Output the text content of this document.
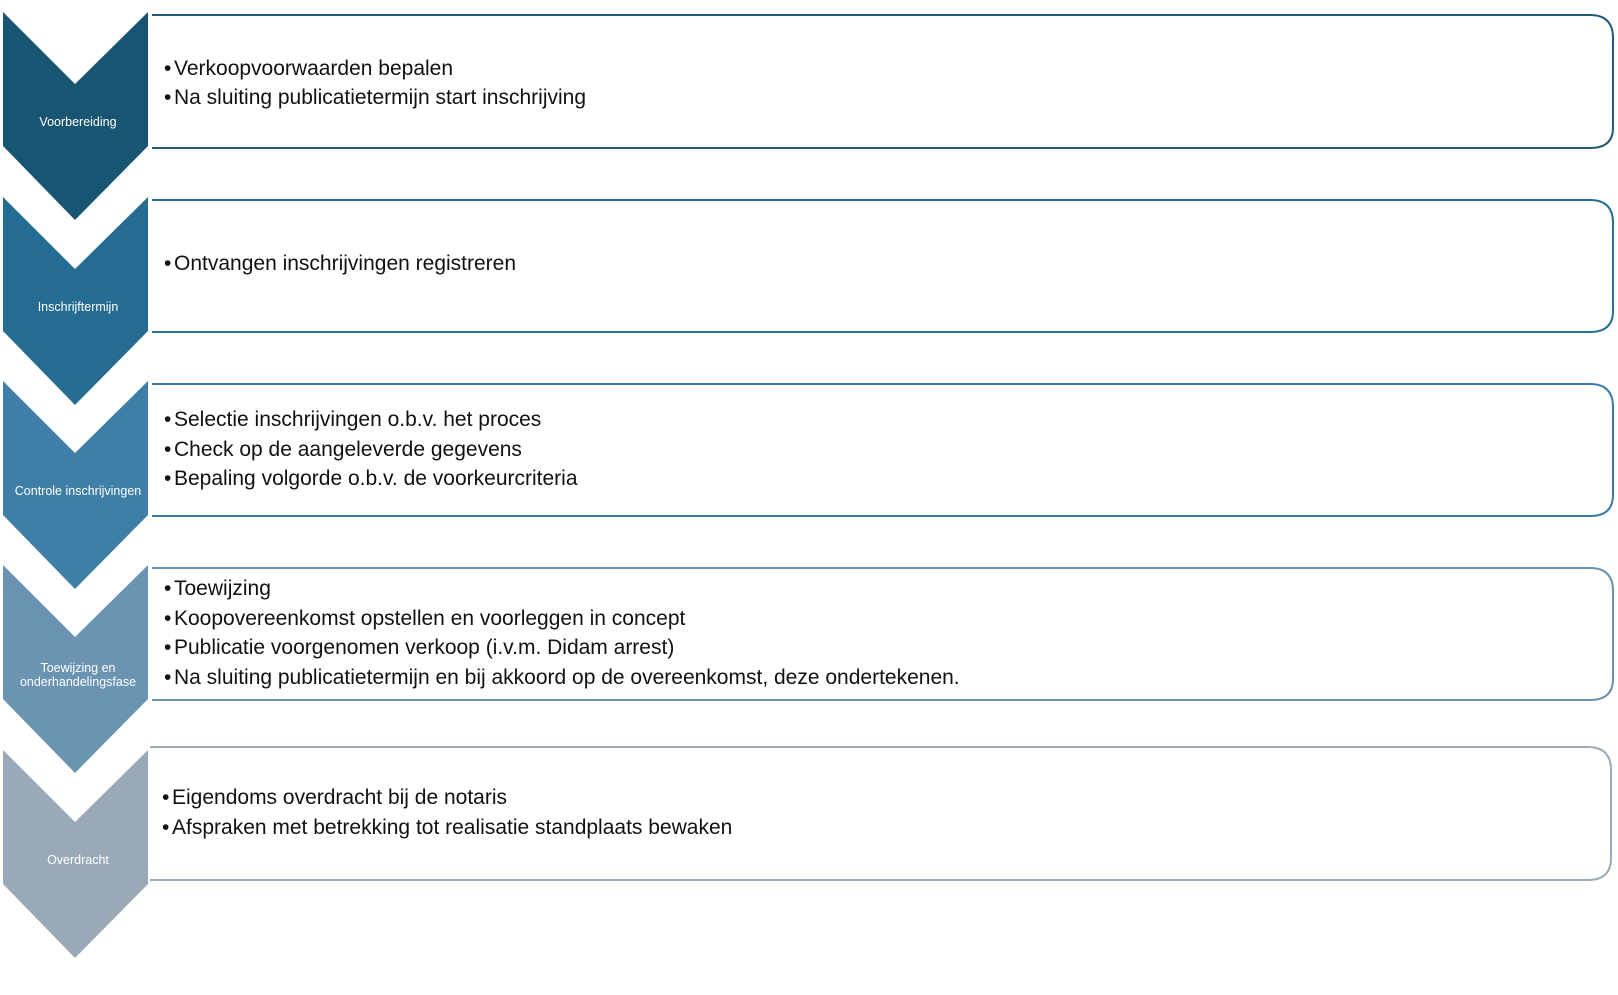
• Verkoopvoorwaarden bepalen
• Na sluiting publicatietermijn start inschrijving
Voorbereiding
• Ontvangen inschrijvingen registreren
Inschrijftermijn
• Selectie inschrijvingen o.b.v. het proces
• Check op de aangeleverde gegevens
• Bepaling volgorde o.b.v. de voorkeurcriteria
Controle inschrijvingen
• Toewijzing
• Koopovereenkomst opstellen en voorleggen in concept
• Publicatie voorgenomen verkoop (i.v.m. Didam arrest)
• Na sluiting publicatietermijn en bij akkoord op de overeenkomst, deze ondertekenen.
Toewijzing en
onderhandelingsfase
• Eigendoms overdracht bij de notaris
• Afspraken met betrekking tot realisatie standplaats bewaken
Overdracht
